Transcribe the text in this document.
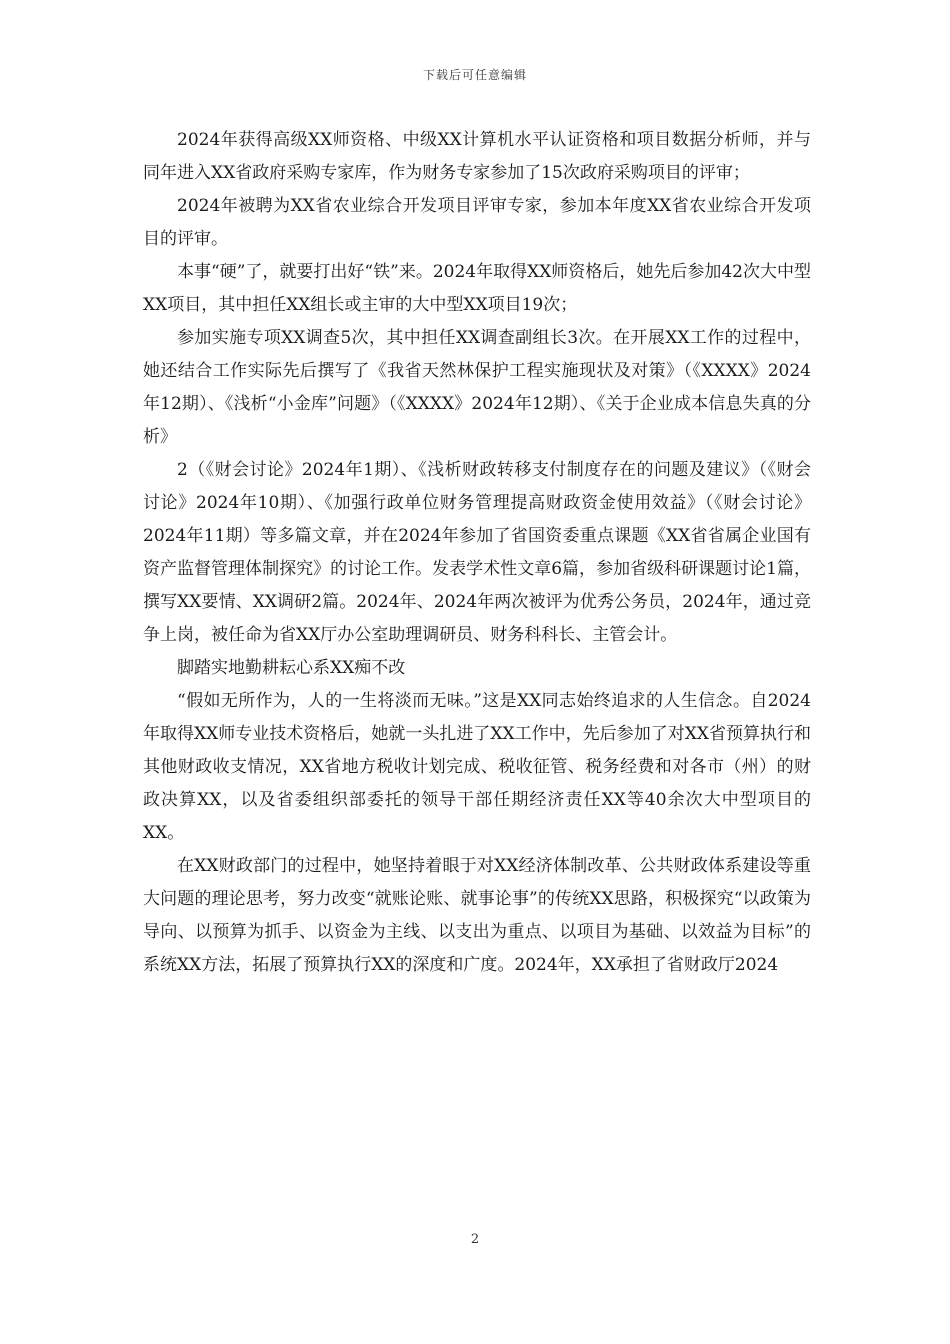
下载后可任意编辑

2024年获得高级XX师资格、中级XX计算机水平认证资格和项目数据分析师，并与同年进入XX省政府采购专家库，作为财务专家参加了15次政府采购项目的评审；

2024年被聘为XX省农业综合开发项目评审专家，参加本年度XX省农业综合开发项目的评审。

本事“硬”了，就要打出好“铁”来。2024年取得XX师资格后，她先后参加42次大中型XX项目，其中担任XX组长或主审的大中型XX项目19次；

参加实施专项XX调查5次，其中担任XX调查副组长3次。在开展XX工作的过程中，她还结合工作实际先后撰写了《我省天然林保护工程实施现状及对策》（《XXXX》2024年12期）、《浅析“小金库”问题》（《XXXX》2024年12期）、《关于企业成本信息失真的分析》

2（《财会讨论》2024年1期）、《浅析财政转移支付制度存在的问题及建议》（《财会讨论》2024年10期）、《加强行政单位财务管理提高财政资金使用效益》（《财会讨论》2024年11期）等多篇文章，并在2024年参加了省国资委重点课题《XX省省属企业国有资产监督管理体制探究》的讨论工作。发表学术性文章6篇，参加省级科研课题讨论1篇，撰写XX要情、XX调研2篇。2024年、2024年两次被评为优秀公务员，2024年，通过竞争上岗，被任命为省XX厅办公室助理调研员、财务科科长、主管会计。

脚踏实地勤耕耘心系XX痴不改

“假如无所作为，人的一生将淡而无味。”这是XX同志始终追求的人生信念。自2024年取得XX师专业技术资格后，她就一头扎进了XX工作中，先后参加了对XX省预算执行和其他财政收支情况，XX省地方税收计划完成、税收征管、税务经费和对各市（州）的财政决算XX，以及省委组织部委托的领导干部任期经济责任XX等40余次大中型项目的XX。

在XX财政部门的过程中，她坚持着眼于对XX经济体制改革、公共财政体系建设等重大问题的理论思考，努力改变“就账论账、就事论事”的传统XX思路，积极探究“以政策为导向、以预算为抓手、以资金为主线、以支出为重点、以项目为基础、以效益为目标”的系统XX方法，拓展了预算执行XX的深度和广度。2024年，XX承担了省财政厅2024

2
